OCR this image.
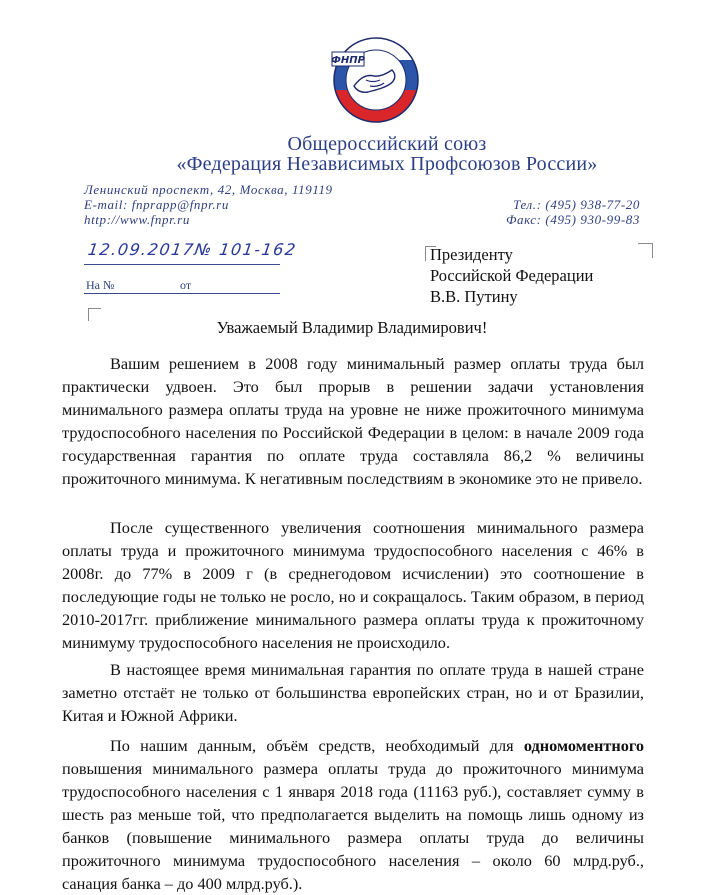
ФНПР
Общероссийский союз
«Федерация Независимых Профсоюзов России»
Ленинский проспект, 42, Москва, 119119
E-mail: fnprapp@fnpr.ru
http://www.fnpr.ru
Тел.: (495) 938-77-20
Факс: (495) 930-99-83
12.09.2017№ 101-162
На №	от
Президенту
Российской Федерации
В.В. Путину
Уважаемый Владимир Владимирович!

Вашим решением в 2008 году минимальный размер оплаты труда был практически удвоен. Это был прорыв в решении задачи установления минимального размера оплаты труда на уровне не ниже прожиточного минимума трудоспособного населения по Российской Федерации в целом: в начале 2009 года государственная гарантия по оплате труда составляла 86,2 % величины прожиточного минимума. К негативным последствиям в экономике это не привело.

После существенного увеличения соотношения минимального размера оплаты труда и прожиточного минимума трудоспособного населения с 46% в 2008г. до 77% в 2009 г (в среднегодовом исчислении) это соотношение в последующие годы не только не росло, но и сокращалось. Таким образом, в период 2010-2017гг. приближение минимального размера оплаты труда к прожиточному минимуму трудоспособного населения не происходило.

В настоящее время минимальная гарантия по оплате труда в нашей стране заметно отстаёт не только от большинства европейских стран, но и от Бразилии, Китая и Южной Африки.

По нашим данным, объём средств, необходимый для одномоментного повышения минимального размера оплаты труда до прожиточного минимума трудоспособного населения с 1 января 2018 года (11163 руб.), составляет сумму в шесть раз меньше той, что предполагается выделить на помощь лишь одному из банков (повышение минимального размера оплаты труда до величины прожиточного минимума трудоспособного населения – около 60 млрд.руб., санация банка – до 400 млрд.руб.).
